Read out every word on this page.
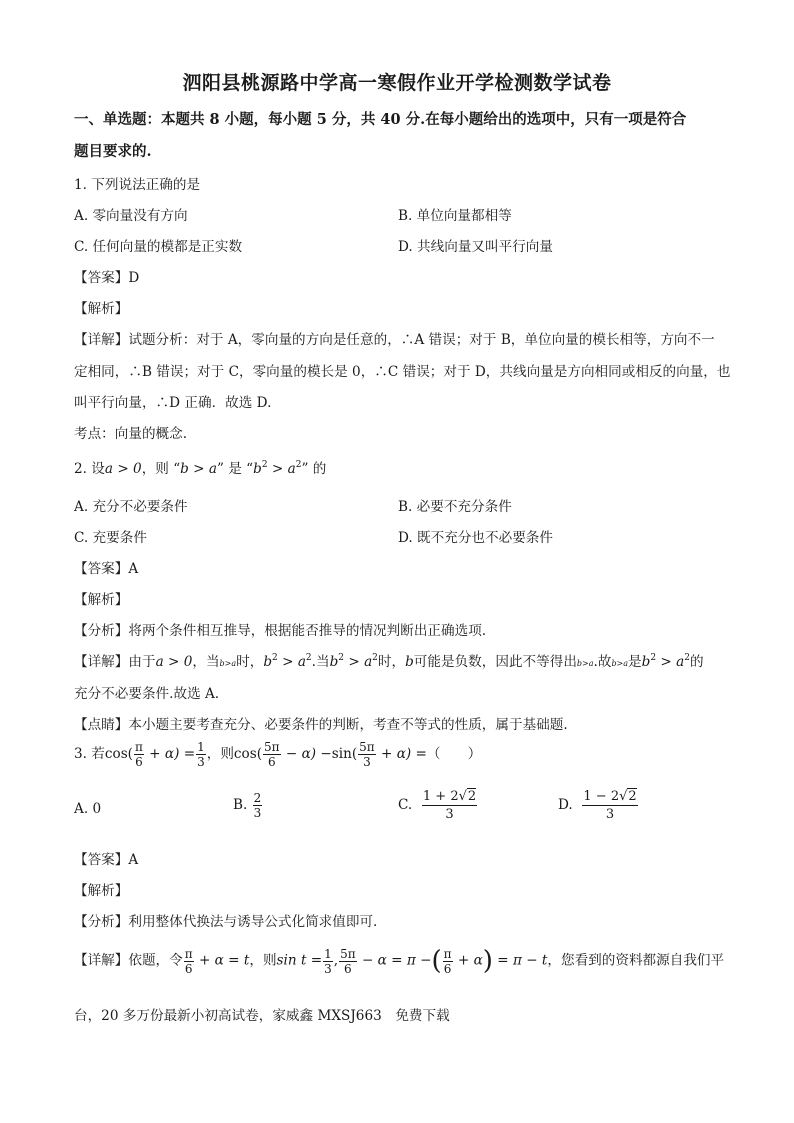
泗阳县桃源路中学高一寒假作业开学检测数学试卷
一、单选题：本题共 8 小题，每小题 5 分，共 40 分.在每小题给出的选项中，只有一项是符合
题目要求的.
1. 下列说法正确的是
A. 零向量没有方向	B. 单位向量都相等
C. 任何向量的模都是正实数	D. 共线向量又叫平行向量
【答案】D
【解析】
【详解】试题分析：对于 A，零向量的方向是任意的，∴A 错误；对于 B，单位向量的模长相等，方向不一
定相同，∴B 错误；对于 C，零向量的模长是 0，∴C 错误；对于 D，共线向量是方向相同或相反的向量，也
叫平行向量，∴D 正确．故选 D.
考点：向量的概念.
2. 设a > 0，则 “b > a” 是 “$b^2 > a^2$” 的
A. 充分不必要条件	B. 必要不充分条件
C. 充要条件	D. 既不充分也不必要条件
【答案】A
【解析】
【分析】将两个条件相互推导，根据能否推导的情况判断出正确选项.
【详解】由于a > 0，当b>a时，$b^2 > a^2$.当$b^2 > a^2$时，b可能是负数，因此不等得出b>a.故b>a是$b^2 > a^2$的
充分不必要条件.故选 A.
【点睛】本小题主要考查充分、必要条件的判断，考查不等式的性质，属于基础题.
3. 若$\cos( \frac{\pi}{6} + \alpha) = \frac{1}{3}$ ，则$\cos( \frac{5\pi}{6} - \alpha) -\sin( \frac{5\pi}{3} + \alpha)$ =（　　）
A. 0	B. $\frac{2}{3}$	C. $\frac{1 + 2√2}{3}$	D. $\frac{1 - 2√2}{3}$
【答案】A
【解析】
【分析】利用整体代换法与诱导公式化简求值即可.
【详解】依题，令 $\frac{\pi}{6} + \alpha = t$，则$\sin t = \frac{1}{3}$ , $\frac{5\pi}{6} - \alpha = \pi$ −( $\frac{\pi}{6} + \alpha) = \pi - t$，您看到的资料都源自我们平
台，20 多万份最新小初高试卷，家威鑫 MXSJ663　免费下载
